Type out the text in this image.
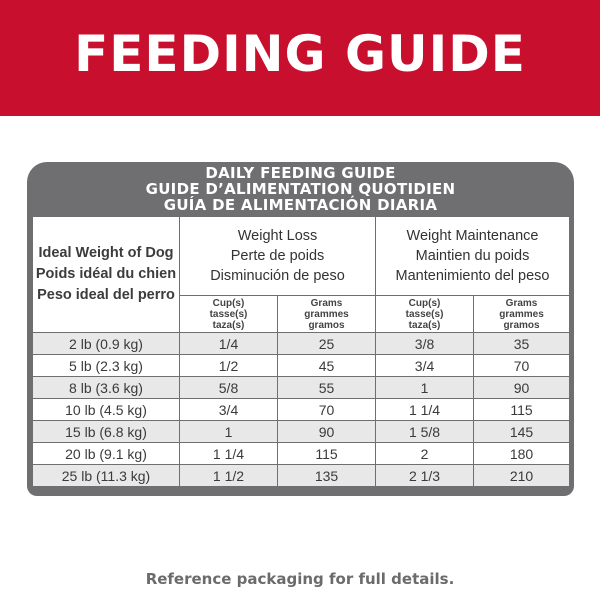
FEEDING GUIDE
DAILY FEEDING GUIDE
GUIDE D’ALIMENTATION QUOTIDIEN
GUÍA DE ALIMENTACIÓN DIARIA
Ideal Weight of Dog
Poids idéal du chien
Peso ideal del perro	Weight Loss
Perte de poids
Disminución de peso		Weight Maintenance
Maintien du poids
Mantenimiento del peso	

	Cup(s)
tasse(s)
taza(s)	Grams
grammes
gramos	Cup(s)
tasse(s)
taza(s)	Grams
grammes
gramos

2 lb (0.9 kg)	1/4	25	3/8	35
5 lb (2.3 kg)	1/2	45	3/4	70
8 lb (3.6 kg)	5/8	55	1	90
10 lb (4.5 kg)	3/4	70	1 1/4	115
15 lb (6.8 kg)	1	90	1 5/8	145
20 lb (9.1 kg)	1 1/4	115	2	180
25 lb (11.3 kg)	1 1/2	135	2 1/3	210
Reference packaging for full details.
